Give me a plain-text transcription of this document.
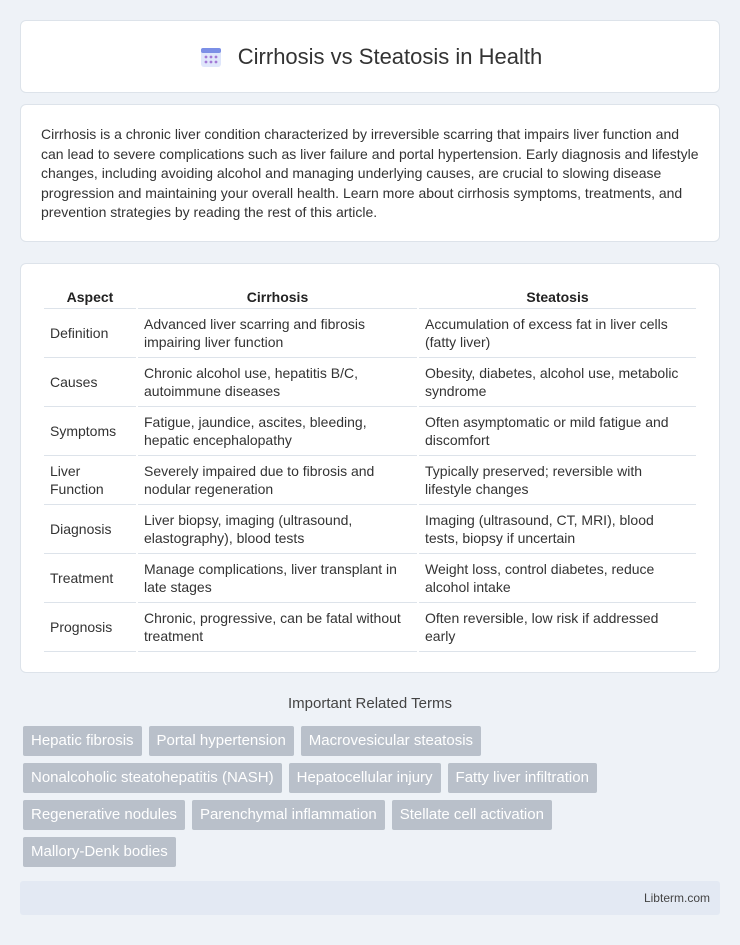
Cirrhosis vs Steatosis in Health

Cirrhosis is a chronic liver condition characterized by irreversible scarring that impairs liver function and can lead to severe complications such as liver failure and portal hypertension. Early diagnosis and lifestyle changes, including avoiding alcohol and managing underlying causes, are crucial to slowing disease progression and maintaining your overall health. Learn more about cirrhosis symptoms, treatments, and prevention strategies by reading the rest of this article.

Aspect	Cirrhosis	Steatosis
Definition	Advanced liver scarring and fibrosis impairing liver function	Accumulation of excess fat in liver cells (fatty liver)
Causes	Chronic alcohol use, hepatitis B/C, autoimmune diseases	Obesity, diabetes, alcohol use, metabolic syndrome
Symptoms	Fatigue, jaundice, ascites, bleeding, hepatic encephalopathy	Often asymptomatic or mild fatigue and discomfort
Liver Function	Severely impaired due to fibrosis and nodular regeneration	Typically preserved; reversible with lifestyle changes
Diagnosis	Liver biopsy, imaging (ultrasound, elastography), blood tests	Imaging (ultrasound, CT, MRI), blood tests, biopsy if uncertain
Treatment	Manage complications, liver transplant in late stages	Weight loss, control diabetes, reduce alcohol intake
Prognosis	Chronic, progressive, can be fatal without treatment	Often reversible, low risk if addressed early
Important Related Terms
Hepatic fibrosis	Portal hypertension	Macrovesicular steatosis
Nonalcoholic steatohepatitis (NASH)	Hepatocellular injury	Fatty liver infiltration
Regenerative nodules	Parenchymal inflammation	Stellate cell activation
Mallory-Denk bodies
Libterm.com
